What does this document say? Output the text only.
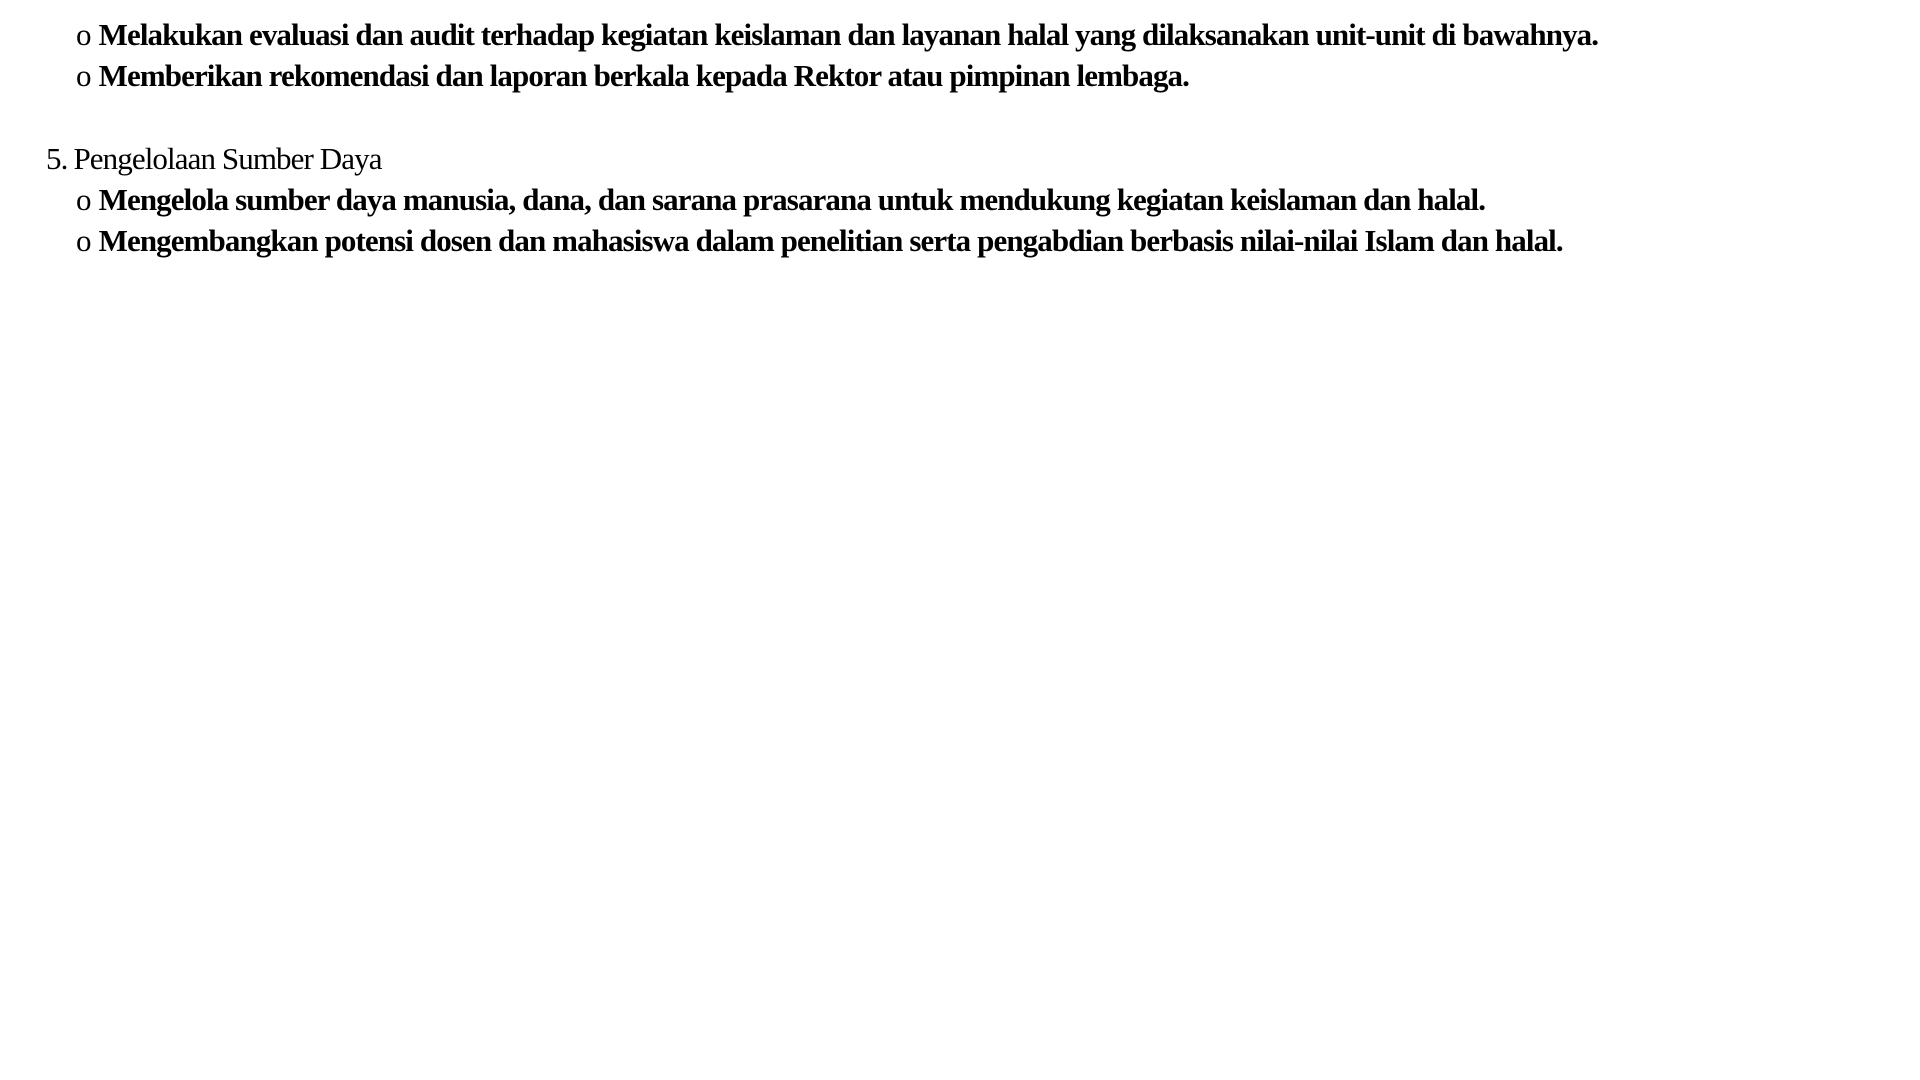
o Melakukan evaluasi dan audit terhadap kegiatan keislaman dan layanan halal yang dilaksanakan unit-unit di bawahnya.
o Memberikan rekomendasi dan laporan berkala kepada Rektor atau pimpinan lembaga.
5. Pengelolaan Sumber Daya
o Mengelola sumber daya manusia, dana, dan sarana prasarana untuk mendukung kegiatan keislaman dan halal.
o Mengembangkan potensi dosen dan mahasiswa dalam penelitian serta pengabdian berbasis nilai-nilai Islam dan halal.
